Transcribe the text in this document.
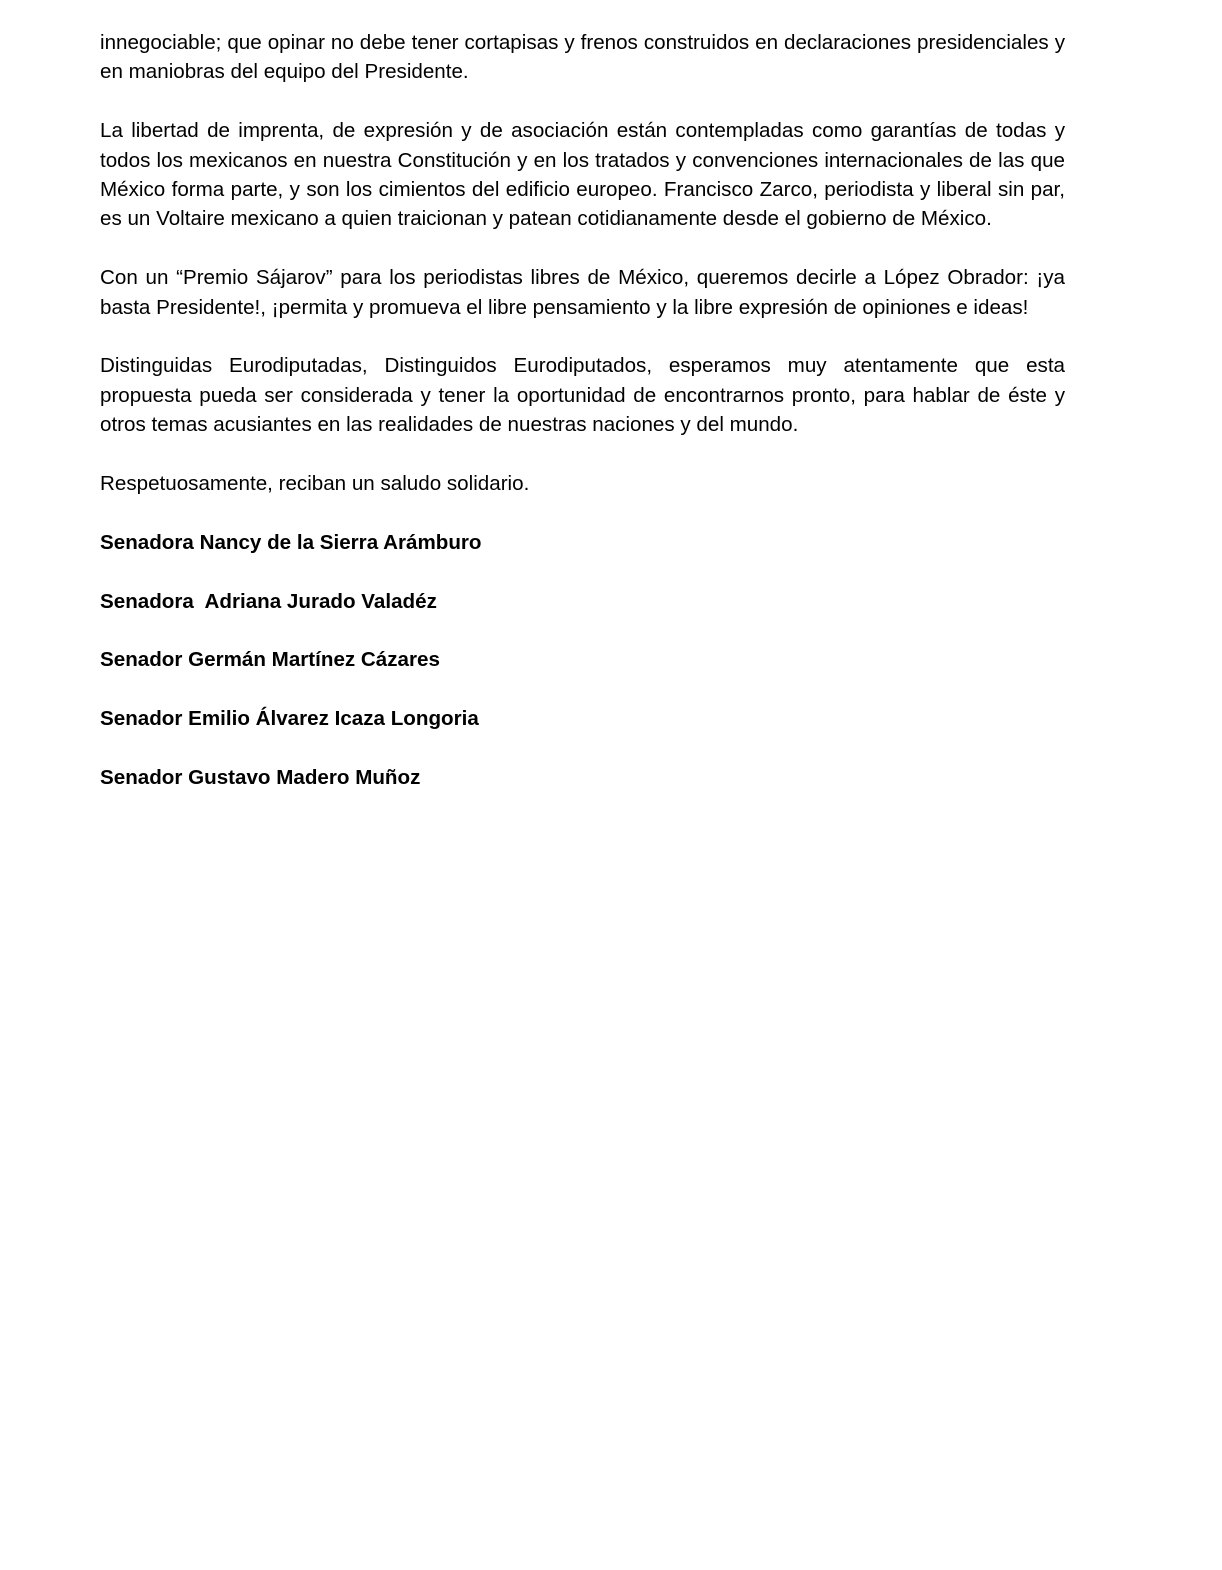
innegociable; que opinar no debe tener cortapisas y frenos construidos en declaraciones presidenciales y en maniobras del equipo del Presidente.

La libertad de imprenta, de expresión y de asociación están contempladas como garantías de todas y todos los mexicanos en nuestra Constitución y en los tratados y convenciones internacionales de las que México forma parte, y son los cimientos del edificio europeo. Francisco Zarco, periodista y liberal sin par, es un Voltaire mexicano a quien traicionan y patean cotidianamente desde el gobierno de México.

Con un “Premio Sájarov” para los periodistas libres de México, queremos decirle a López Obrador: ¡ya basta Presidente!, ¡permita y promueva el libre pensamiento y la libre expresión de opiniones e ideas!

Distinguidas Eurodiputadas, Distinguidos Eurodiputados, esperamos muy atentamente que esta propuesta pueda ser considerada y tener la oportunidad de encontrarnos pronto, para hablar de éste y otros temas acusiantes en las realidades de nuestras naciones y del mundo.

Respetuosamente, reciban un saludo solidario.

Senadora Nancy de la Sierra Arámburo

Senadora  Adriana Jurado Valadéz

Senador Germán Martínez Cázares

Senador Emilio Álvarez Icaza Longoria

Senador Gustavo Madero Muñoz
